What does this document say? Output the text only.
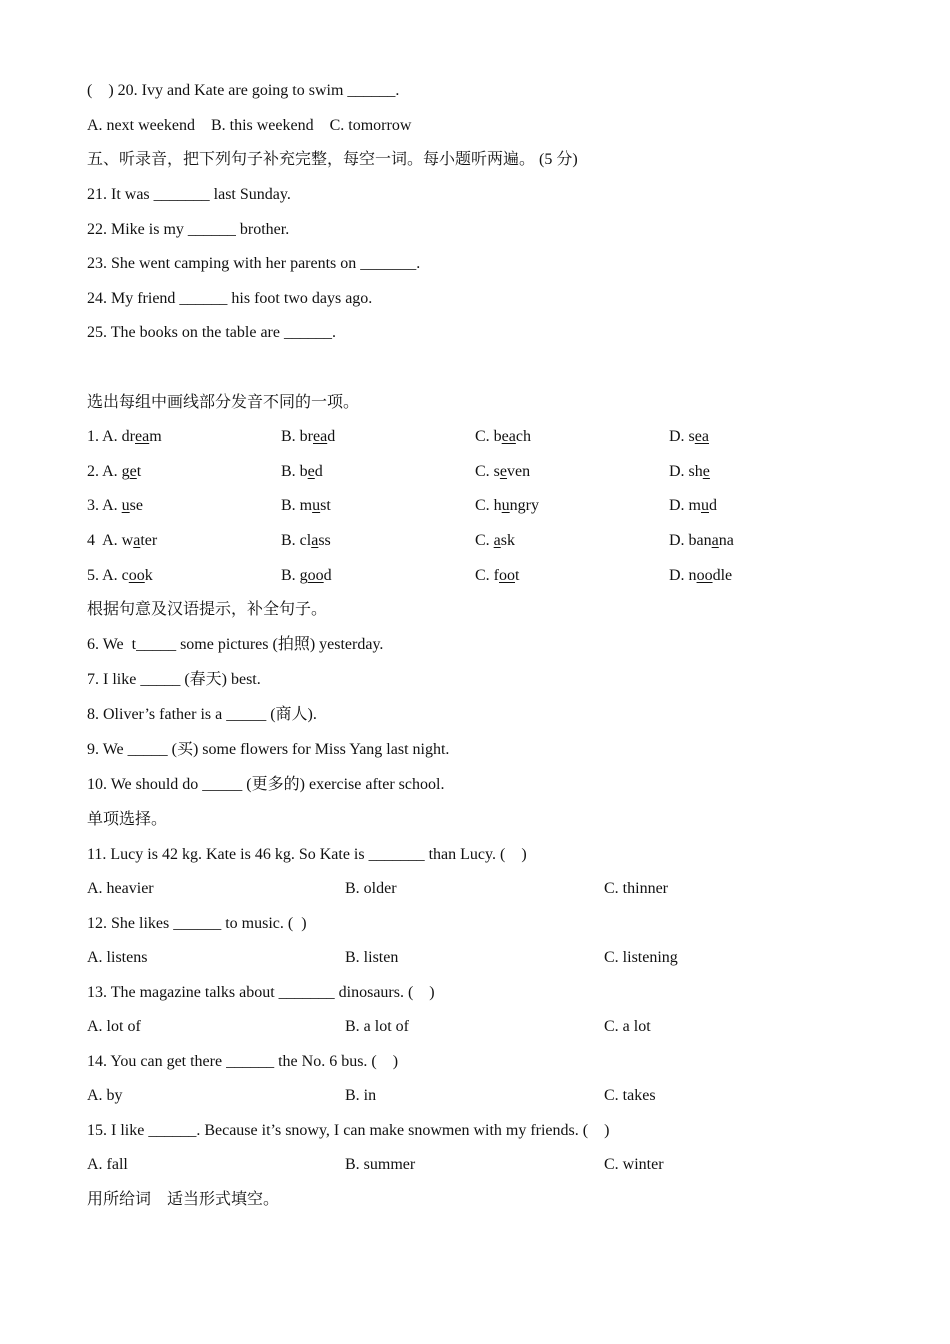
(    ) 20. Ivy and Kate are going to swim ______.
A. next weekend    B. this weekend    C. tomorrow
五、听录音，把下列句子补充完整，每空一词。每小题听两遍。 (5 分)
21. It was _______ last Sunday.
22. Mike is my ______ brother.
23. She went camping with her parents on _______.
24. My friend ______ his foot two days ago.
25. The books on the table are ______.
选出每组中画线部分发音不同的一项。
1. A. dream	B. bread	C. beach	D. sea
2. A. get	B. bed	C. seven	D. she
3. A. use	B. must	C. hungry	D. mud
4  A. water	B. class	C. ask	D. banana
5. A. cook	B. good	C. foot	D. noodle
根据句意及汉语提示，补全句子。
6. We  t_____ some pictures (拍照) yesterday.
7. I like _____ (春天) best.
8. Oliver’s father is a _____ (商人).
9. We _____ (买) some flowers for Miss Yang last night.
10. We should do _____ (更多的) exercise after school.
单项选择。
11. Lucy is 42 kg. Kate is 46 kg. So Kate is _______ than Lucy. (    )
A. heavier	B. older	C. thinner
12. She likes ______ to music. (  )
A. listens	B. listen	C. listening
13. The magazine talks about _______ dinosaurs. (    )
A. lot of	B. a lot of	C. a lot
14. You can get there ______ the No. 6 bus. (    )
A. by	B. in	C. takes
15. I like ______. Because it’s snowy, I can make snowmen with my friends. (    )
A. fall	B. summer	C. winter
用所给词    适当形式填空。
